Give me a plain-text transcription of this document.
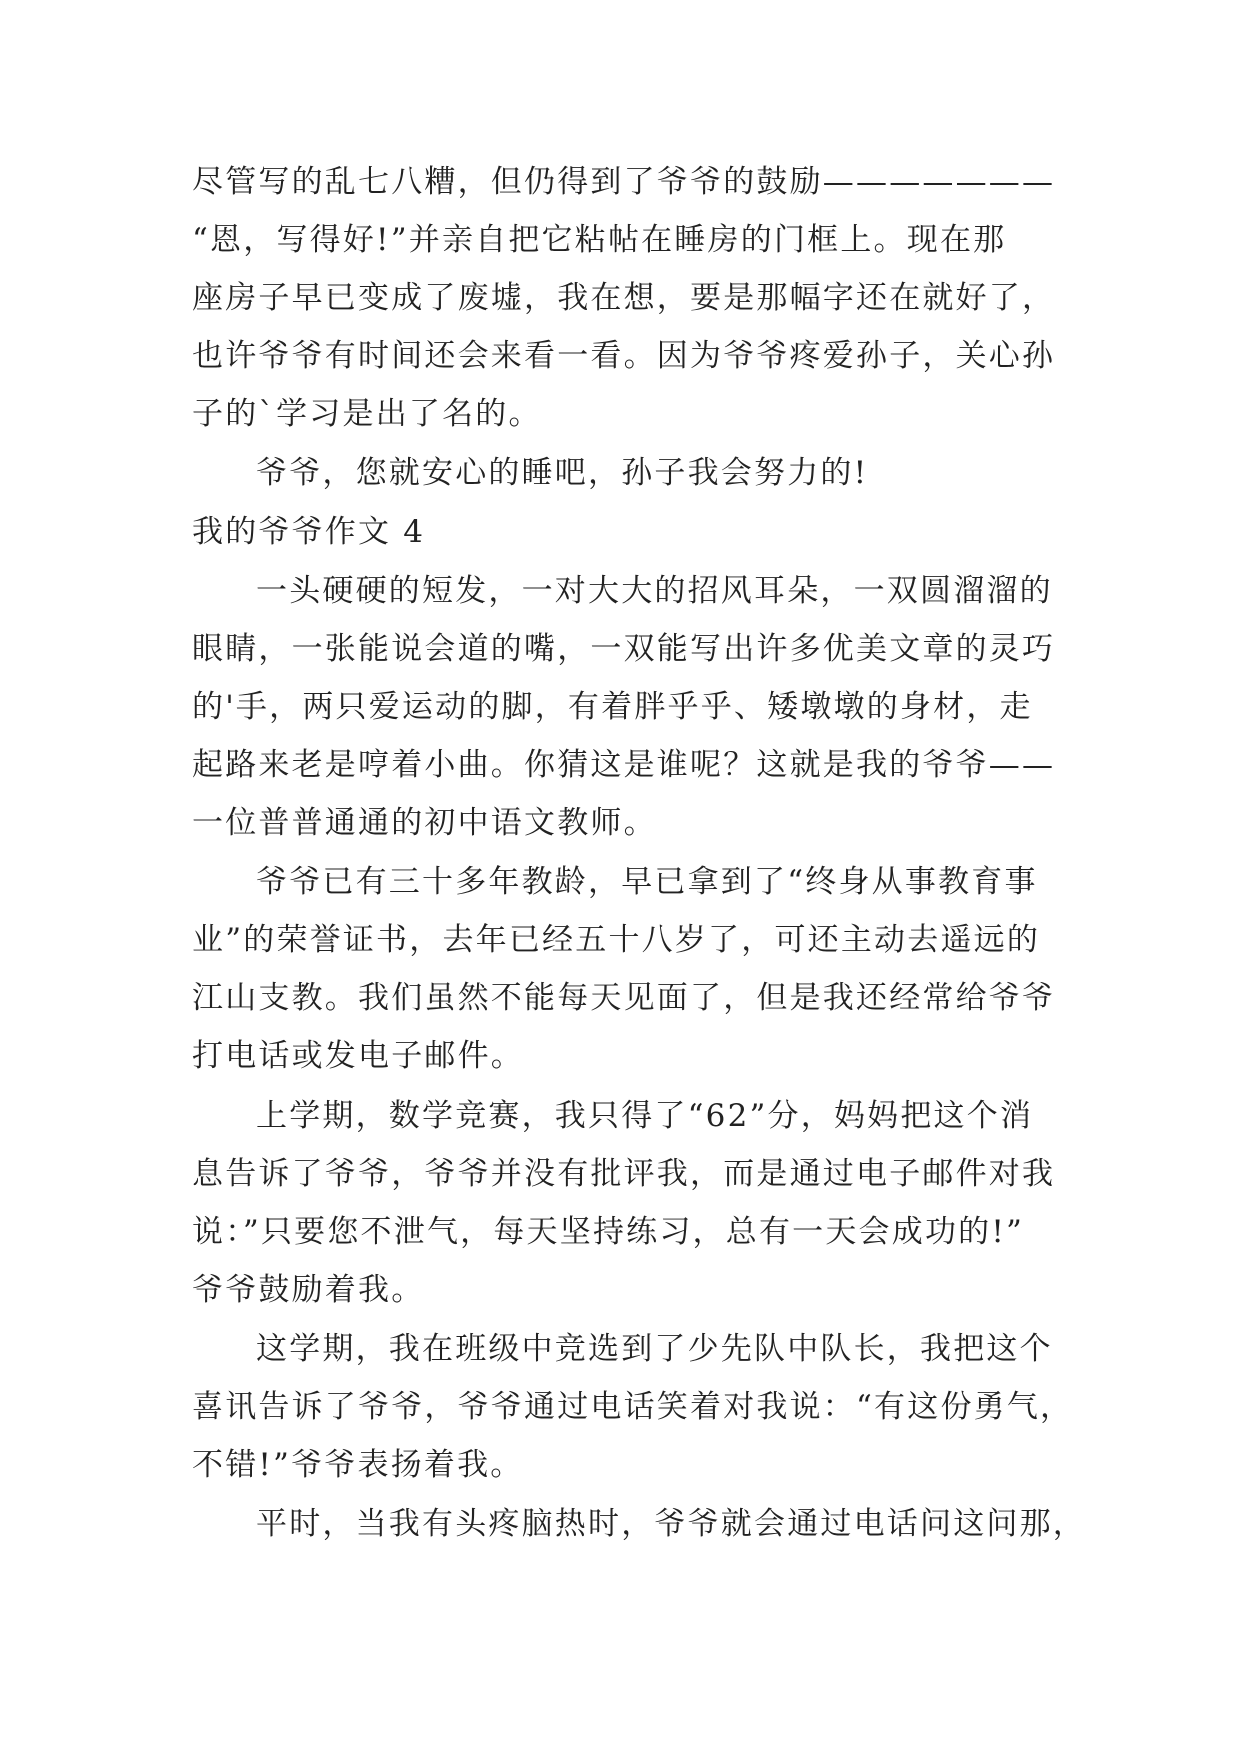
尽管写的乱七八糟，但仍得到了爷爷的鼓励———————
“恩，写得好!”并亲自把它粘帖在睡房的门框上。现在那
座房子早已变成了废墟，我在想，要是那幅字还在就好了，
也许爷爷有时间还会来看一看。因为爷爷疼爱孙子，关心孙
子的`学习是出了名的。
爷爷，您就安心的睡吧，孙子我会努力的!
我的爷爷作文 4
一头硬硬的短发，一对大大的招风耳朵，一双圆溜溜的
眼睛，一张能说会道的嘴，一双能写出许多优美文章的灵巧
的'手，两只爱运动的脚，有着胖乎乎、矮墩墩的身材，走
起路来老是哼着小曲。你猜这是谁呢？这就是我的爷爷——
一位普普通通的初中语文教师。
爷爷已有三十多年教龄，早已拿到了“终身从事教育事
业”的荣誉证书，去年已经五十八岁了，可还主动去遥远的
江山支教。我们虽然不能每天见面了，但是我还经常给爷爷
打电话或发电子邮件。
上学期，数学竞赛，我只得了“62”分，妈妈把这个消
息告诉了爷爷，爷爷并没有批评我，而是通过电子邮件对我
说：”只要您不泄气，每天坚持练习，总有一天会成功的!”
爷爷鼓励着我。
这学期，我在班级中竞选到了少先队中队长，我把这个
喜讯告诉了爷爷，爷爷通过电话笑着对我说：“有这份勇气，
不错!”爷爷表扬着我。
平时，当我有头疼脑热时，爷爷就会通过电话问这问那，
